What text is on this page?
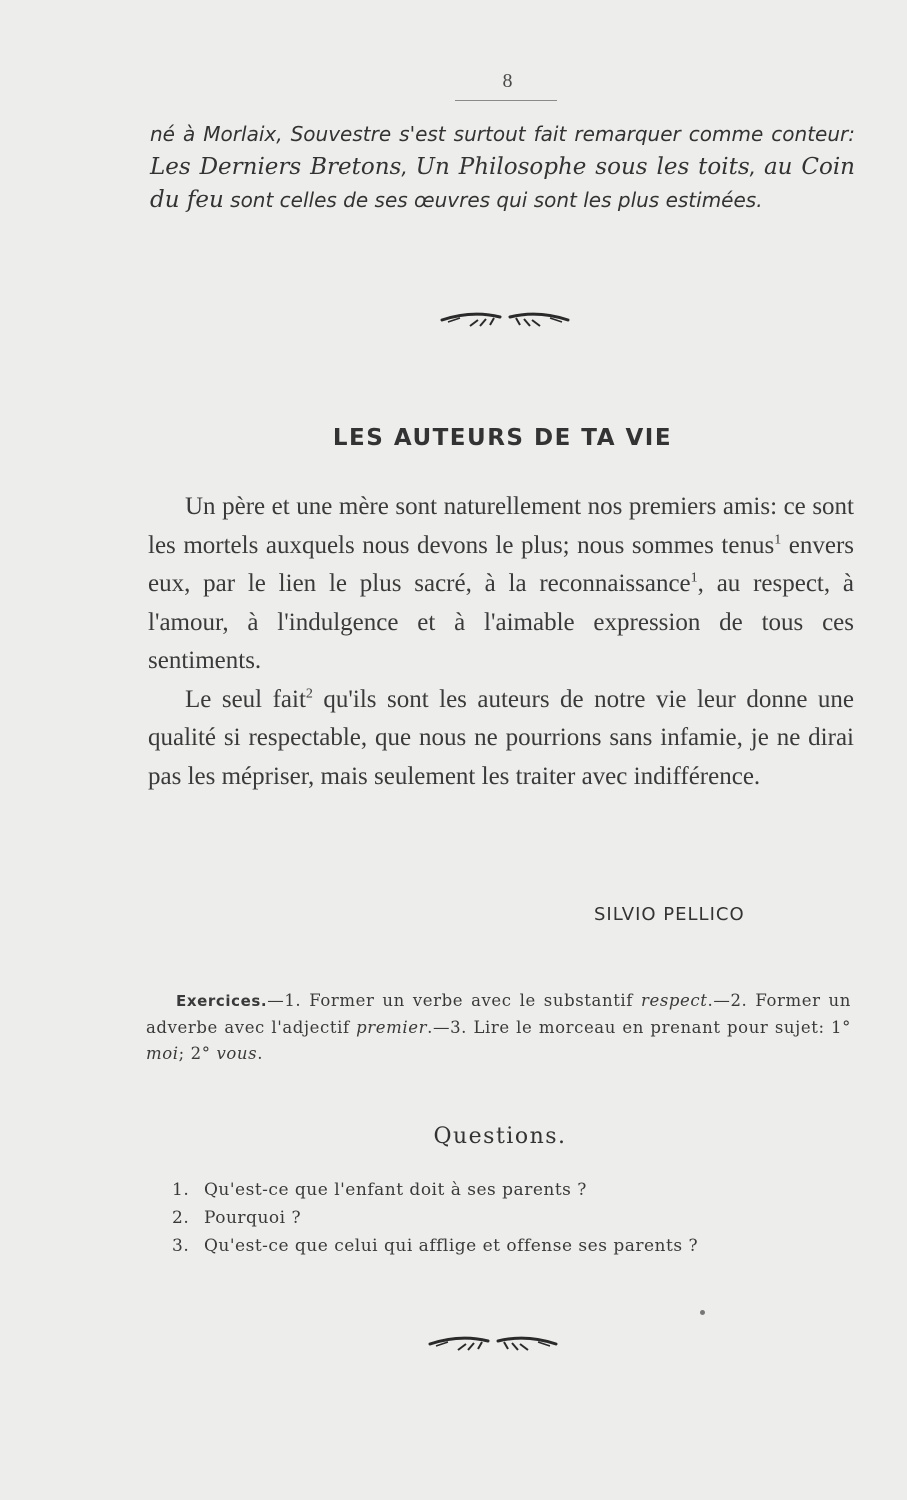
8
né à Morlaix, Souvestre s'est surtout fait remarquer comme conteur: Les Derniers Bretons, Un Philosophe sous les toits, au Coin du feu sont celles de ses œuvres qui sont les plus estimées.
LES AUTEURS DE TA VIE

Un père et une mère sont naturellement nos premiers amis: ce sont les mortels auxquels nous devons le plus; nous sommes tenus$^1$ envers eux, par le lien le plus sacré, à la reconnaissance$^1$, au respect, à l'amour, à l'indulgence et à l'aimable expression de tous ces sentiments.

Le seul fait$^2$ qu'ils sont les auteurs de notre vie leur donne une qualité si respectable, que nous ne pourrions sans infamie, je ne dirai pas les mépriser, mais seulement les traiter avec indifférence.

SILVIO PELLICO
Exercices.—1. Former un verbe avec le substantif respect.—2. Former un adverbe avec l'adjectif premier.—3. Lire le morceau en prenant pour sujet: 1° moi; 2° vous.
Questions.
1. Qu'est-ce que l'enfant doit à ses parents ?
2. Pourquoi ?
3. Qu'est-ce que celui qui afflige et offense ses parents ?
